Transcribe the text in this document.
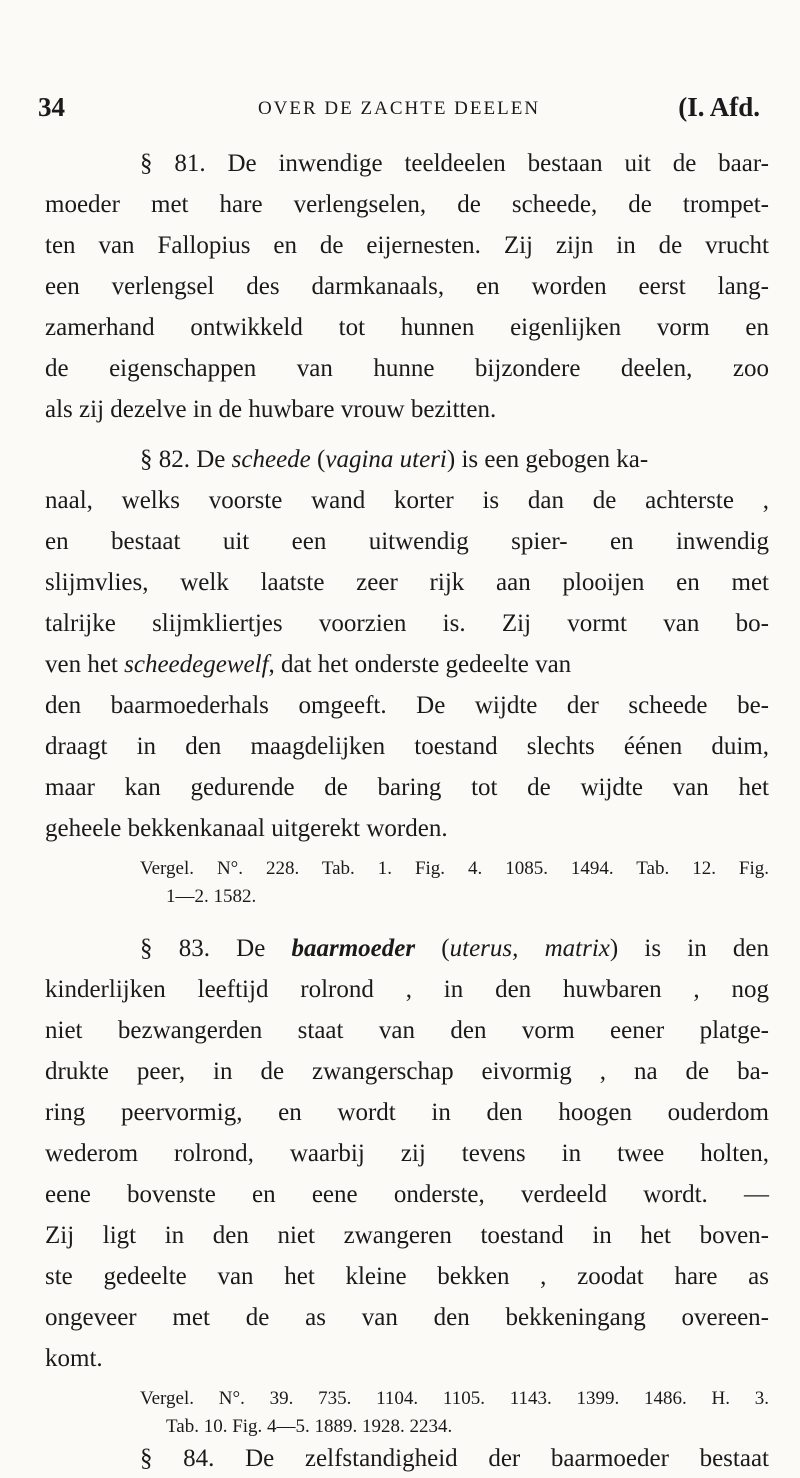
34	OVER DE ZACHTE DEELEN	(I. Afd.
§ 81. De inwendige teeldeelen bestaan uit de baar-
moeder met hare verlengselen, de scheede, de trompet-
ten van Fallopius en de eijernesten. Zij zijn in de vrucht
een verlengsel des darmkanaals, en worden eerst lang-
zamerhand ontwikkeld tot hunnen eigenlijken vorm en
de eigenschappen van hunne bijzondere deelen, zoo
als zij dezelve in de huwbare vrouw bezitten.
§ 82. De scheede (vagina uteri) is een gebogen ka-
naal, welks voorste wand korter is dan de achterste ,
en bestaat uit een uitwendig spier- en inwendig
slijmvlies, welk laatste zeer rijk aan plooijen en met
talrijke slijmkliertjes voorzien is. Zij vormt van bo-
ven het scheedegewelf, dat het onderste gedeelte van
den baarmoederhals omgeeft. De wijdte der scheede be-
draagt in den maagdelijken toestand slechts éénen duim,
maar kan gedurende de baring tot de wijdte van het
geheele bekkenkanaal uitgerekt worden.
Vergel. N°. 228. Tab. 1. Fig. 4. 1085. 1494. Tab. 12. Fig.
1—2. 1582.
§ 83. De baarmoeder (uterus, matrix) is in den
kinderlijken leeftijd rolrond , in den huwbaren , nog
niet bezwangerden staat van den vorm eener platge-
drukte peer, in de zwangerschap eivormig , na de ba-
ring peervormig, en wordt in den hoogen ouderdom
wederom rolrond, waarbij zij tevens in twee holten,
eene bovenste en eene onderste, verdeeld wordt. —
Zij ligt in den niet zwangeren toestand in het boven-
ste gedeelte van het kleine bekken , zoodat hare as
ongeveer met de as van den bekkeningang overeen-
komt.
Vergel. N°. 39. 735. 1104. 1105. 1143. 1399. 1486. H. 3.
Tab. 10. Fig. 4—5. 1889. 1928. 2234.
§ 84. De zelfstandigheid der baarmoeder bestaat
